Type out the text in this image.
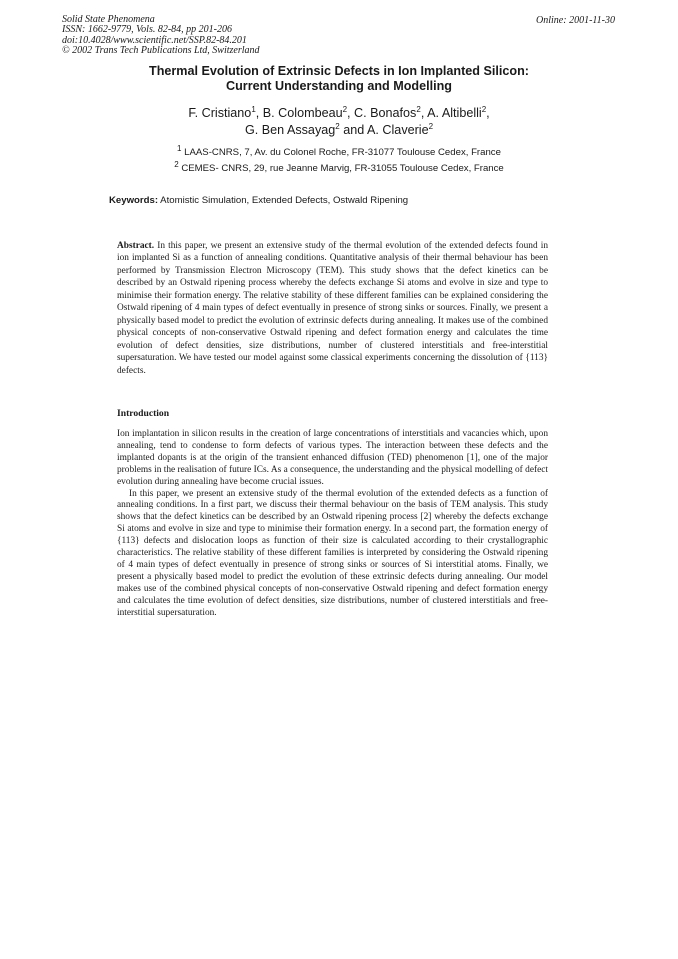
Solid State Phenomena
ISSN: 1662-9779, Vols. 82-84, pp 201-206
doi:10.4028/www.scientific.net/SSP.82-84.201
© 2002 Trans Tech Publications Ltd, Switzerland
Online: 2001-11-30
Thermal Evolution of Extrinsic Defects in Ion Implanted Silicon:
Current Understanding and Modelling
F. Cristiano$^1$, B. Colombeau$^2$, C. Bonafos$^2$, A. Altibelli$^2$,
G. Ben Assayag$^2$ and A. Claverie$^2$
$^1$ LAAS-CNRS, 7, Av. du Colonel Roche, FR-31077 Toulouse Cedex, France
$^2$ CEMES- CNRS, 29, rue Jeanne Marvig, FR-31055 Toulouse Cedex, France
Keywords: Atomistic Simulation, Extended Defects, Ostwald Ripening
Abstract. In this paper, we present an extensive study of the thermal evolution of the extended defects found in ion implanted Si as a function of annealing conditions. Quantitative analysis of their thermal behaviour has been performed by Transmission Electron Microscopy (TEM). This study shows that the defect kinetics can be described by an Ostwald ripening process whereby the defects exchange Si atoms and evolve in size and type to minimise their formation energy. The relative stability of these different families can be explained considering the Ostwald ripening of 4 main types of defect eventually in presence of strong sinks or sources. Finally, we present a physically based model to predict the evolution of extrinsic defects during annealing. It makes use of the combined physical concepts of non-conservative Ostwald ripening and defect formation energy and calculates the time evolution of defect densities, size distributions, number of clustered interstitials and free-interstitial supersaturation. We have tested our model against some classical experiments concerning the dissolution of {113} defects.
Introduction

Ion implantation in silicon results in the creation of large concentrations of interstitials and vacancies which, upon annealing, tend to condense to form defects of various types. The interaction between these defects and the implanted dopants is at the origin of the transient enhanced diffusion (TED) phenomenon [1], one of the major problems in the realisation of future ICs. As a consequence, the understanding and the physical modelling of defect evolution during annealing have become crucial issues.

In this paper, we present an extensive study of the thermal evolution of the extended defects as a function of annealing conditions. In a first part, we discuss their thermal behaviour on the basis of TEM analysis. This study shows that the defect kinetics can be described by an Ostwald ripening process [2] whereby the defects exchange Si atoms and evolve in size and type to minimise their formation energy. In a second part, the formation energy of {113} defects and dislocation loops as function of their size is calculated according to their crystallographic characteristics. The relative stability of these different families is interpreted by considering the Ostwald ripening of 4 main types of defect eventually in presence of strong sinks or sources of Si interstitial atoms. Finally, we present a physically based model to predict the evolution of these extrinsic defects during annealing. Our model makes use of the combined physical concepts of non-conservative Ostwald ripening and defect formation energy and calculates the time evolution of defect densities, size distributions, number of clustered interstitials and free-interstitial supersaturation.
